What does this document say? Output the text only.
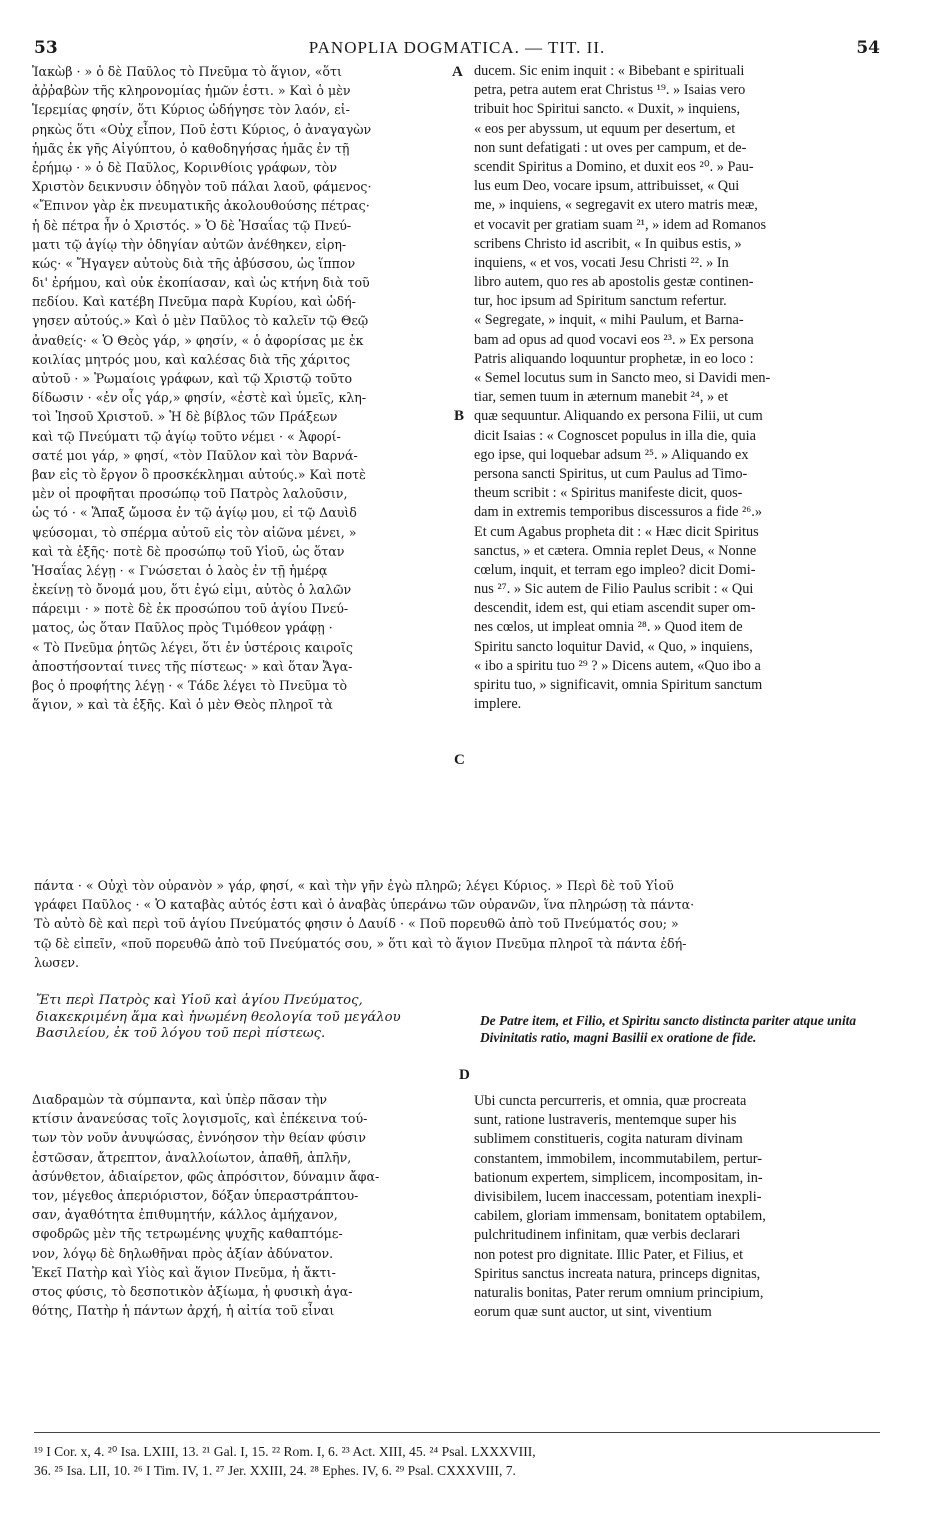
53	PANOPLIA DOGMATICA. — TIT. II.	54
Ἰακὼβ · » ὁ δὲ Παῦλος τὸ Πνεῦμα τὸ ἅγιον, «ὅτι
ἀῤῥαβὼν τῆς κληρονομίας ἡμῶν ἐστι. » Καὶ ὁ μὲν
Ἱερεμίας φησίν, ὅτι Κύριος ὡδήγησε τὸν λαόν, εἰ-
ρηκὼς ὅτι «Οὐχ εἶπον, Ποῦ ἐστι Κύριος, ὁ ἀναγαγὼν
ἡμᾶς ἐκ γῆς Αἰγύπτου, ὁ καθοδηγήσας ἡμᾶς ἐν τῇ
ἐρήμῳ · » ὁ δὲ Παῦλος, Κορινθίοις γράφων, τὸν
Χριστὸν δεικνυσιν ὁδηγὸν τοῦ πάλαι λαοῦ, φάμενος·
«Ἔπινον γὰρ ἐκ πνευματικῆς ἀκολουθούσης πέτρας·
ἡ δὲ πέτρα ἦν ὁ Χριστός. » Ὁ δὲ Ἡσαΐας τῷ Πνεύ-
ματι τῷ ἁγίῳ τὴν ὁδηγίαν αὐτῶν ἀνέθηκεν, εἰρη-
κώς· « Ἤγαγεν αὐτοὺς διὰ τῆς ἀβύσσου, ὡς ἵππον
δι' ἐρήμου, καὶ οὐκ ἐκοπίασαν, καὶ ὡς κτήνη διὰ τοῦ
πεδίου. Καὶ κατέβη Πνεῦμα παρὰ Κυρίου, καὶ ὡδή-
γησεν αὐτούς.» Καὶ ὁ μὲν Παῦλος τὸ καλεῖν τῷ Θεῷ
ἀναθείς· « Ὁ Θεὸς γάρ, » φησίν, « ὁ ἀφορίσας με ἐκ
κοιλίας μητρός μου, καὶ καλέσας διὰ τῆς χάριτος
αὐτοῦ · » Ῥωμαίοις γράφων, καὶ τῷ Χριστῷ τοῦτο
δίδωσιν · «ἐν οἷς γάρ,» φησίν, «ἐστὲ καὶ ὑμεῖς, κλη-
τοὶ Ἰησοῦ Χριστοῦ. » Ἡ δὲ βίβλος τῶν Πράξεων
καὶ τῷ Πνεύματι τῷ ἁγίῳ τοῦτο νέμει · « Ἀφορί-
σατέ μοι γάρ, » φησί, «τὸν Παῦλον καὶ τὸν Βαρνά-
βαν εἰς τὸ ἔργον ὃ προσκέκλημαι αὐτούς.» Καὶ ποτὲ
μὲν οἱ προφῆται προσώπῳ τοῦ Πατρὸς λαλοῦσιν,
ὡς τό · « Ἅπαξ ὤμοσα ἐν τῷ ἁγίῳ μου, εἰ τῷ Δαυὶδ
ψεύσομαι, τὸ σπέρμα αὐτοῦ εἰς τὸν αἰῶνα μένει, »
καὶ τὰ ἑξῆς· ποτὲ δὲ προσώπῳ τοῦ Υἱοῦ, ὡς ὅταν
Ἡσαΐας λέγῃ · « Γνώσεται ὁ λαὸς ἐν τῇ ἡμέρᾳ
ἐκείνῃ τὸ ὄνομά μου, ὅτι ἐγώ εἰμι, αὐτὸς ὁ λαλῶν
πάρειμι · » ποτὲ δὲ ἐκ προσώπου τοῦ ἁγίου Πνεύ-
ματος, ὡς ὅταν Παῦλος πρὸς Τιμόθεον γράφῃ ·
« Τὸ Πνεῦμα ῥητῶς λέγει, ὅτι ἐν ὑστέροις καιροῖς
ἀποστήσονταί τινες τῆς πίστεως· » καὶ ὅταν Ἄγα-
βος ὁ προφήτης λέγῃ · « Τάδε λέγει τὸ Πνεῦμα τὸ
ἅγιον, » καὶ τὰ ἑξῆς. Καὶ ὁ μὲν Θεὸς πληροῖ τὰ
ducem. Sic enim inquit : « Bibebant e spirituali
petra, petra autem erat Christus ¹⁹. » Isaias vero
tribuit hoc Spiritui sancto. « Duxit, » inquiens,
« eos per abyssum, ut equum per desertum, et
non sunt defatigati : ut oves per campum, et de-
scendit Spiritus a Domino, et duxit eos ²⁰. » Pau-
lus eum Deo, vocare ipsum, attribuisset, « Qui
me, » inquiens, « segregavit ex utero matris meæ,
et vocavit per gratiam suam ²¹, » idem ad Romanos
scribens Christo id ascribit, « In quibus estis, »
inquiens, « et vos, vocati Jesu Christi ²². » In
libro autem, quo res ab apostolis gestæ continen-
tur, hoc ipsum ad Spiritum sanctum refertur.
« Segregate, » inquit, « mihi Paulum, et Barna-
bam ad opus ad quod vocavi eos ²³. » Ex persona
Patris aliquando loquuntur prophetæ, in eo loco :
« Semel locutus sum in Sancto meo, si Davidi men-
tiar, semen tuum in æternum manebit ²⁴, » et
quæ sequuntur. Aliquando ex persona Filii, ut cum
dicit Isaias : « Cognoscet populus in illa die, quia
ego ipse, qui loquebar adsum ²⁵. » Aliquando ex
persona sancti Spiritus, ut cum Paulus ad Timo-
theum scribit : « Spiritus manifeste dicit, quos-
dam in extremis temporibus discessuros a fide ²⁶.»
Et cum Agabus propheta dit : « Hæc dicit Spiritus
sanctus, » et cætera. Omnia replet Deus, « Nonne
cœlum, inquit, et terram ego impleo? dicit Domi-
nus ²⁷. » Sic autem de Filio Paulus scribit : « Qui
descendit, idem est, qui etiam ascendit super om-
nes cœlos, ut impleat omnia ²⁸. » Quod item de
Spiritu sancto loquitur David, « Quo, » inquiens,
« ibo a spiritu tuo ²⁹ ? » Dicens autem, «Quo ibo a
spiritu tuo, » significavit, omnia Spiritum sanctum
implere.
A
B
C
D
πάντα · « Οὐχὶ τὸν οὐρανὸν » γάρ, φησί, « καὶ τὴν γῆν ἐγὼ πληρῶ; λέγει Κύριος. » Περὶ δὲ τοῦ Υἱοῦ
γράφει Παῦλος · « Ὁ καταβὰς αὐτός ἐστι καὶ ὁ ἀναβὰς ὑπεράνω τῶν οὐρανῶν, ἵνα πληρώσῃ τὰ πάντα·
Τὸ αὐτὸ δὲ καὶ περὶ τοῦ ἁγίου Πνεύματός φησιν ὁ Δαυίδ · « Ποῦ πορευθῶ ἀπὸ τοῦ Πνεύματός σου; »
τῷ δὲ εἰπεῖν, «ποῦ πορευθῶ ἀπὸ τοῦ Πνεύματός σου, » ὅτι καὶ τὸ ἅγιον Πνεῦμα πληροῖ τὰ πάντα ἐδή-
λωσεν.
Ἔτι περὶ Πατρὸς καὶ Υἱοῦ καὶ ἁγίου Πνεύματος, διακεκριμένη ἅμα καὶ ἡνωμένη θεολογία τοῦ μεγάλου Βασιλείου, ἐκ τοῦ λόγου τοῦ περὶ πίστεως.
De Patre item, et Filio, et Spiritu sancto distincta pariter atque unita Divinitatis ratio, magni Basilii ex oratione de fide.
Διαδραμὼν τὰ σύμπαντα, καὶ ὑπὲρ πᾶσαν τὴν
κτίσιν ἀνανεύσας τοῖς λογισμοῖς, καὶ ἐπέκεινα τού-
των τὸν νοῦν ἀνυψώσας, ἐννόησον τὴν θείαν φύσιν
ἑστῶσαν, ἄτρεπτον, ἀναλλοίωτον, ἀπαθῆ, ἁπλῆν,
ἀσύνθετον, ἀδιαίρετον, φῶς ἀπρόσιτον, δύναμιν ἄφα-
τον, μέγεθος ἀπεριόριστον, δόξαν ὑπεραστράπτου-
σαν, ἀγαθότητα ἐπιθυμητήν, κάλλος ἀμήχανον,
σφοδρῶς μὲν τῆς τετρωμένης ψυχῆς καθαπτόμε-
νον, λόγῳ δὲ δηλωθῆναι πρὸς ἀξίαν ἀδύνατον.
Ἐκεῖ Πατὴρ καὶ Υἱὸς καὶ ἅγιον Πνεῦμα, ἡ ἄκτι-
στος φύσις, τὸ δεσποτικὸν ἀξίωμα, ἡ φυσικὴ ἀγα-
θότης, Πατὴρ ἡ πάντων ἀρχή, ἡ αἰτία τοῦ εἶναι
Ubi cuncta percurreris, et omnia, quæ procreata
sunt, ratione lustraveris, mentemque super his
sublimem constitueris, cogita naturam divinam
constantem, immobilem, incommutabilem, pertur-
bationum expertem, simplicem, incompositam, in-
divisibilem, lucem inaccessam, potentiam inexpli-
cabilem, gloriam immensam, bonitatem optabilem,
pulchritudinem infinitam, quæ verbis declarari
non potest pro dignitate. Illic Pater, et Filius, et
Spiritus sanctus increata natura, princeps dignitas,
naturalis bonitas, Pater rerum omnium principium,
eorum quæ sunt auctor, ut sint, viventium
¹⁹ I Cor. x, 4. ²⁰ Isa. LXIII, 13. ²¹ Gal. I, 15. ²² Rom. I, 6. ²³ Act. XIII, 45. ²⁴ Psal. LXXXVIII,
36. ²⁵ Isa. LII, 10. ²⁶ I Tim. IV, 1. ²⁷ Jer. XXIII, 24. ²⁸ Ephes. IV, 6. ²⁹ Psal. CXXXVIII, 7.
